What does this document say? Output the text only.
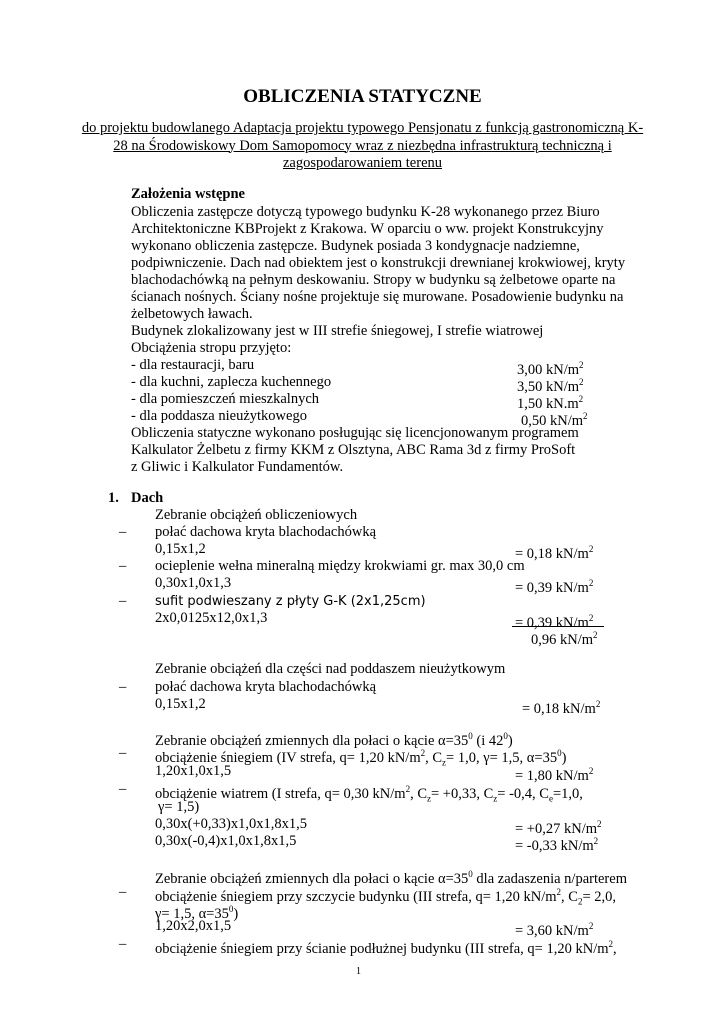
OBLICZENIA STATYCZNE
do projektu budowlanego Adaptacja projektu typowego Pensjonatu z funkcją gastronomiczną K-28 na Środowiskowy Dom Samopomocy wraz z niezbędna infrastrukturą techniczną i zagospodarowaniem terenu
Założenia wstępne
Obliczenia zastępcze dotyczą typowego budynku K-28 wykonanego przez Biuro
Architektoniczne KBProjekt z Krakowa. W oparciu o ww. projekt Konstrukcyjny
wykonano obliczenia zastępcze. Budynek posiada 3 kondygnacje nadziemne,
podpiwniczenie. Dach nad obiektem jest o konstrukcji drewnianej krokwiowej, kryty
blachodachówką na pełnym deskowaniu. Stropy w budynku są żelbetowe oparte na
ścianach nośnych. Ściany nośne projektuje się murowane. Posadowienie budynku na
żelbetowych ławach.
Budynek zlokalizowany jest w III strefie śniegowej, I strefie wiatrowej
Obciążenia stropu przyjęto:
- dla restauracji, baru	3,00 $kN/m^2$
- dla kuchni, zaplecza kuchennego	3,50 $kN/m^2$
- dla pomieszczeń mieszkalnych	1,50 $kN.m^2$
- dla poddasza nieużytkowego	0,50 $kN/m^2$
Obliczenia statyczne wykonano posługując się licencjonowanym programem
Kalkulator Żelbetu z firmy KKM z Olsztyna, ABC Rama 3d z firmy ProSoft
z Gliwic i Kalkulator Fundamentów.
1. Dach
Zebranie obciążeń obliczeniowych
– połać dachowa kryta blachodachówką
0,15x1,2	= 0,18 $kN/m^2$
– ocieplenie wełna mineralną między krokwiami gr. max 30,0 cm
0,30x1,0x1,3	= 0,39 $kN/m^2$
– sufit podwieszany z płyty G-K (2x1,25cm)
2x0,0125x12,0x1,3	= 0,39 $kN/m^2$
0,96 $kN/m^2$
Zebranie obciążeń dla części nad poddaszem nieużytkowym
– połać dachowa kryta blachodachówką
0,15x1,2	= 0,18 $kN/m^2$
Zebranie obciążeń zmiennych dla połaci o kącie $\alpha=35^0$ (i $42^0$)
– obciążenie śniegiem (IV strefa, q= 1,20 $kN/m^2$, $C_z= 1,0$, γ= 1,5, $\alpha=35^0$)
1,20x1,0x1,5	= 1,80 $kN/m^2$
– obciążenie wiatrem (I strefa, q= 0,30 $kN/m^2$, $C_z= +0,33$, $C_z= -0,4$, $C_e=1,0$,
γ= 1,5)
0,30x(+0,33)x1,0x1,8x1,5	= +0,27 $kN/m^2$
0,30x(-0,4)x1,0x1,8x1,5	= -0,33 $kN/m^2$
Zebranie obciążeń zmiennych dla połaci o kącie $\alpha=35^0$ dla zadaszenia n/parterem
– obciążenie śniegiem przy szczycie budynku (III strefa, q= 1,20 $kN/m^2$, $C_2= 2,0$,
γ= 1,5, $\alpha=35^0$)
1,20x2,0x1,5	= 3,60 $kN/m^2$
– obciążenie śniegiem przy ścianie podłużnej budynku (III strefa, q= 1,20 $kN/m^2$,
1
